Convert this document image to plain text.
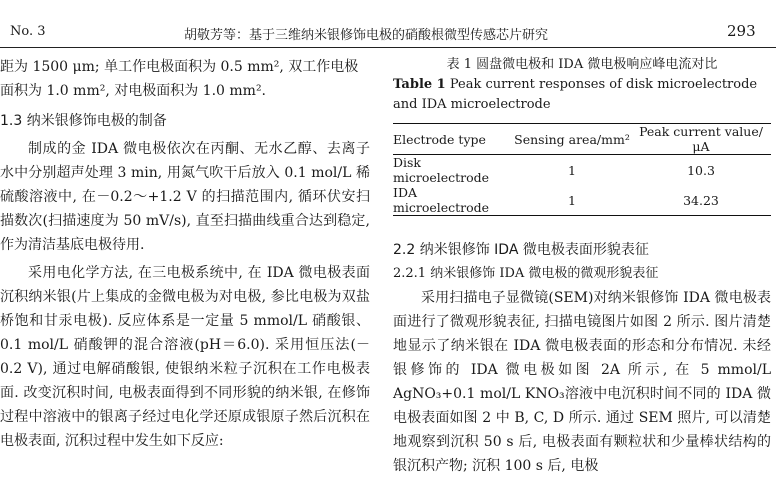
No. 3	胡敬芳等：基于三维纳米银修饰电极的硝酸根微型传感芯片研究	293

距为 1500 μm; 单工作电极面积为 0.5 mm², 双工作电极

面积为 1.0 mm², 对电极面积为 1.0 mm².

1.3 纳米银修饰电极的制备

制成的金 IDA 微电极依次在丙酮、无水乙醇、去离子水中分别超声处理 3 min, 用氮气吹干后放入 0.1 mol/L 稀硫酸溶液中, 在－0.2～+1.2 V 的扫描范围内, 循环伏安扫描数次(扫描速度为 50 mV/s), 直至扫描曲线重合达到稳定, 作为清洁基底电极待用.

采用电化学方法, 在三电极系统中, 在 IDA 微电极表面沉积纳米银(片上集成的金微电极为对电极, 参比电极为双盐桥饱和甘汞电极). 反应体系是一定量 5 mmol/L 硝酸银、0.1 mol/L 硝酸钾的混合溶液(pH＝6.0). 采用恒压法(－0.2 V), 通过电解硝酸银, 使银纳米粒子沉积在工作电极表面. 改变沉积时间, 电极表面得到不同形貌的纳米银, 在修饰过程中溶液中的银离子经过电化学还原成银原子然后沉积在电极表面, 沉积过程中发生如下反应:

表 1 圆盘微电极和 IDA 微电极响应峰电流对比

Table 1 Peak current responses of disk microelectrode and IDA microelectrode

Electrode type	Sensing area/mm²	Peak current value/μA
Disk microelectrode	1	10.3
IDA microelectrode	1	34.23

2.2 纳米银修饰 IDA 微电极表面形貌表征

2.2.1 纳米银修饰 IDA 微电极的微观形貌表征

采用扫描电子显微镜(SEM)对纳米银修饰 IDA 微电极表面进行了微观形貌表征, 扫描电镜图片如图 2 所示. 图片清楚地显示了纳米银在 IDA 微电极表面的形态和分布情况. 未经银修饰的 IDA 微电极如图 2A 所示, 在 5 mmol/L AgNO₃+0.1 mol/L KNO₃溶液中电沉积时间不同的 IDA 微电极表面如图 2 中 B, C, D 所示. 通过 SEM 照片, 可以清楚地观察到沉积 50 s 后, 电极表面有颗粒状和少量棒状结构的银沉积产物; 沉积 100 s 后, 电极
